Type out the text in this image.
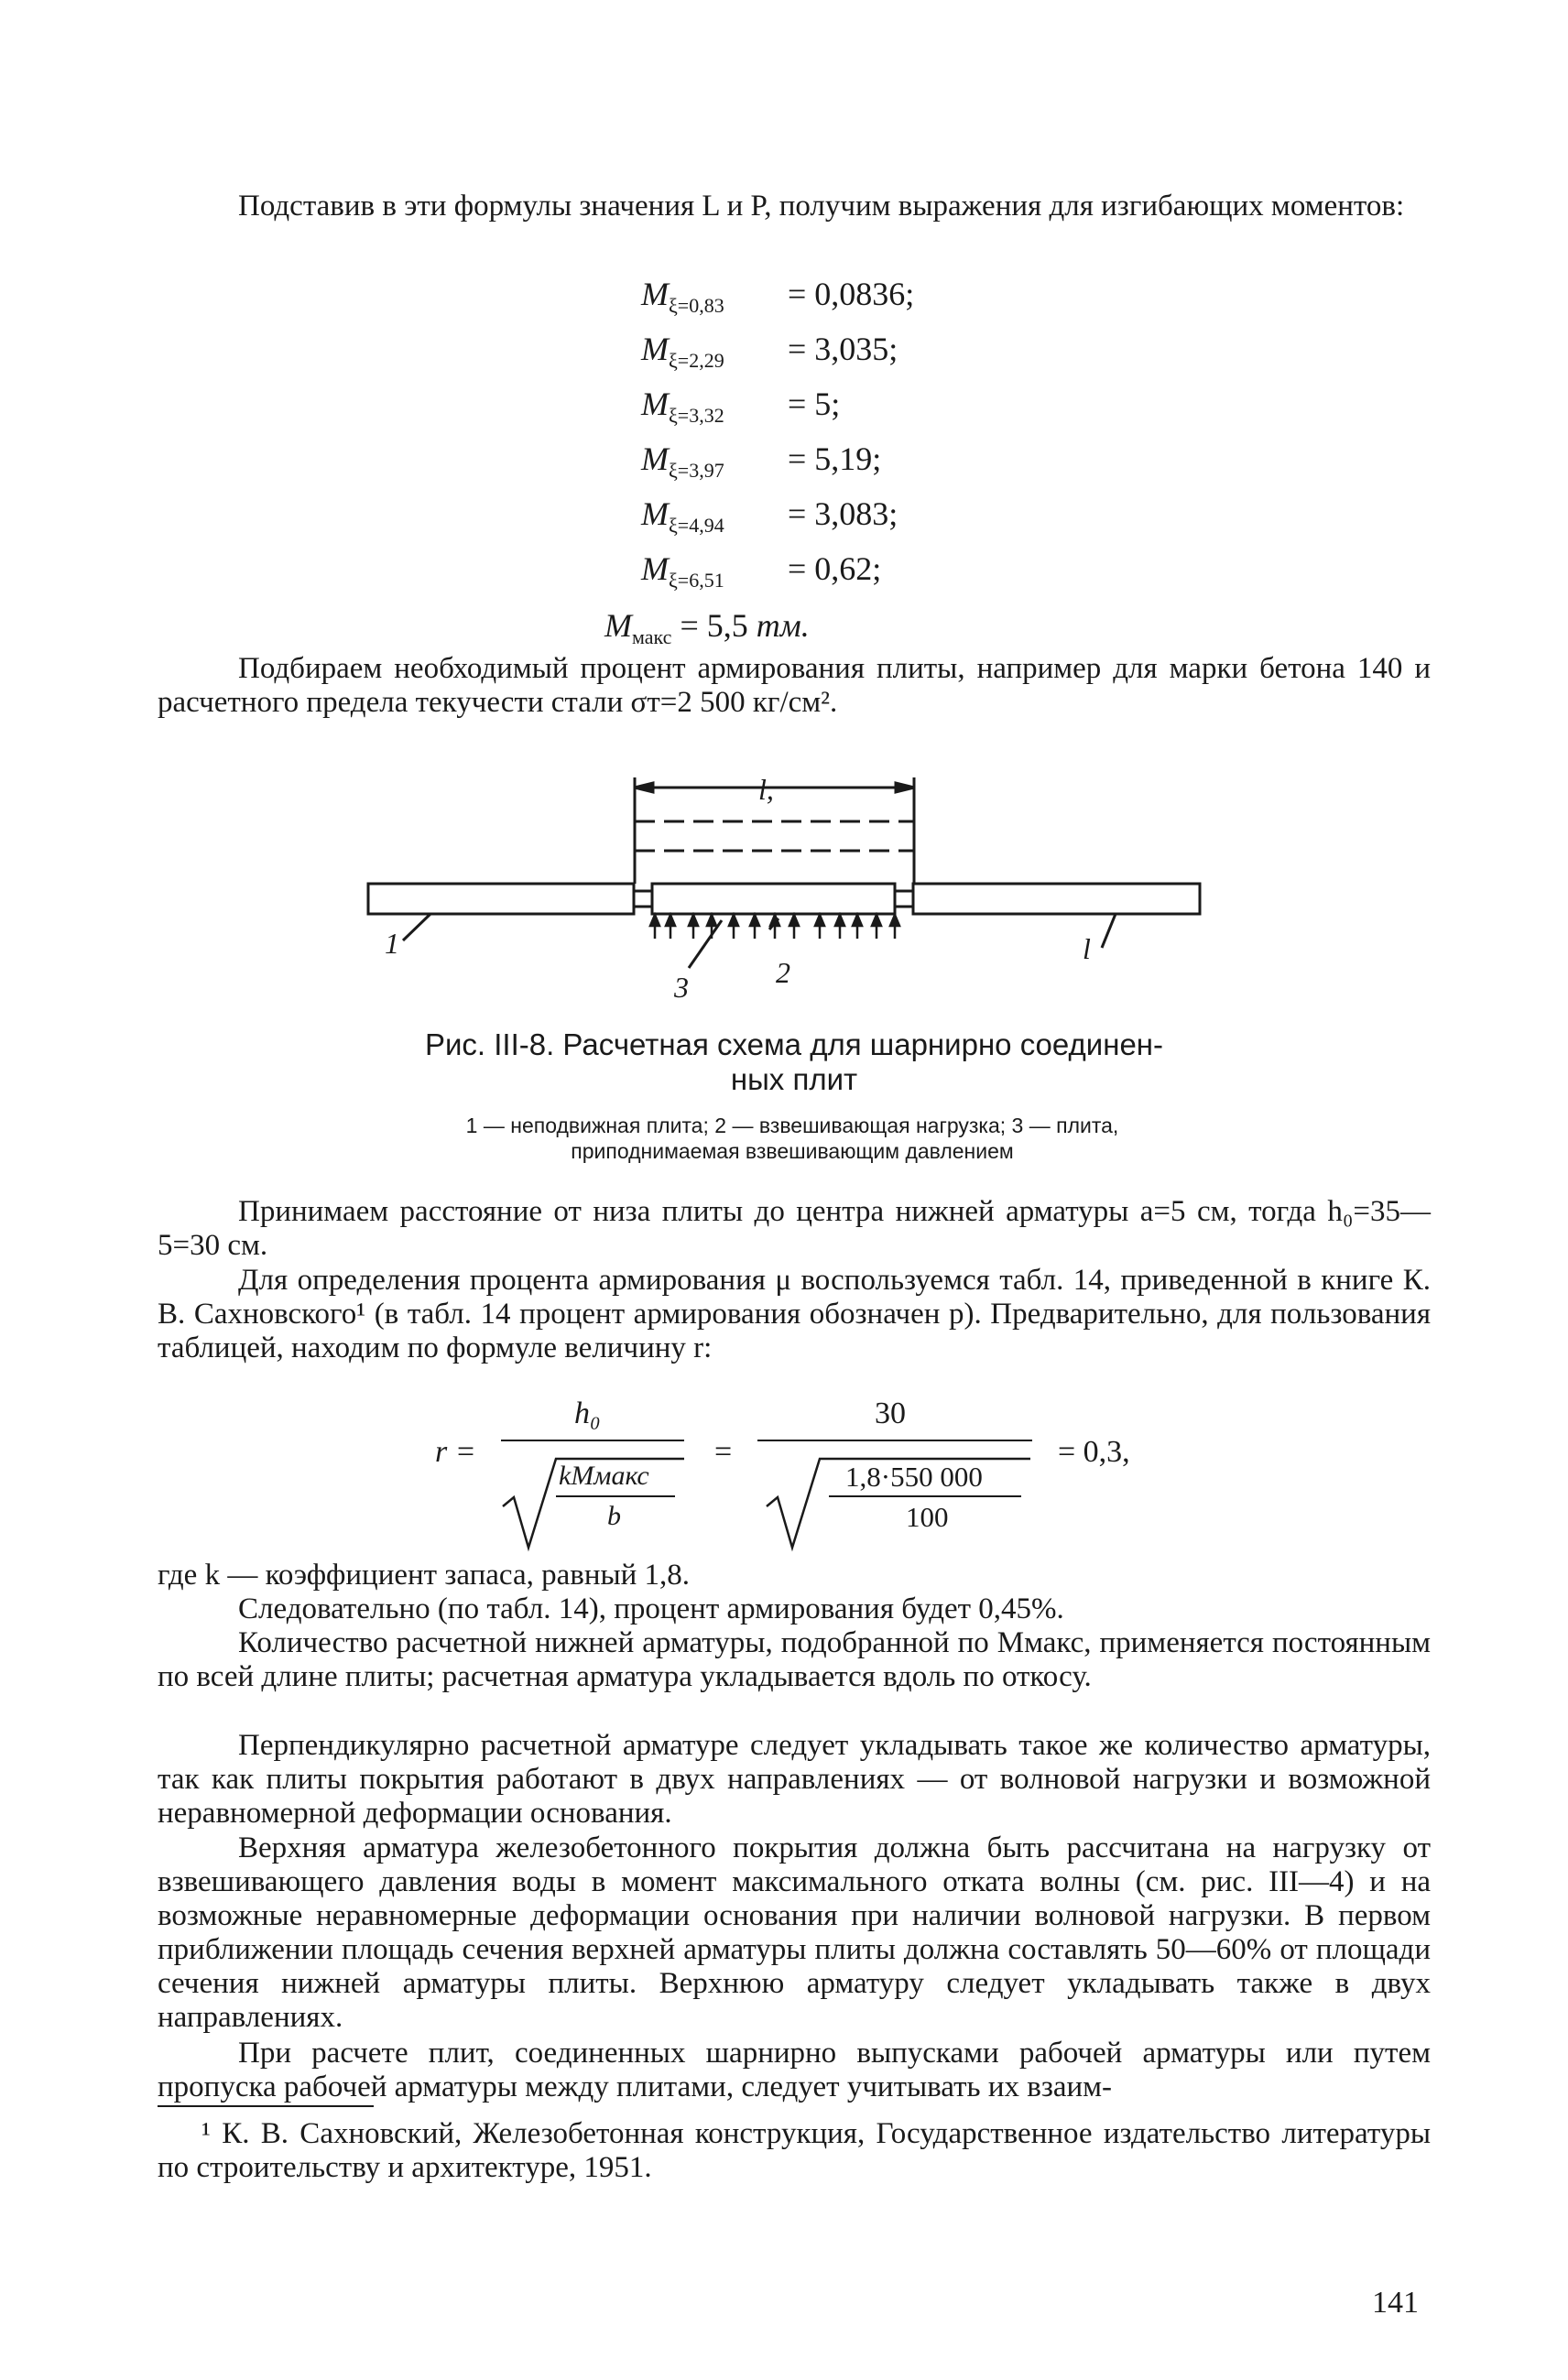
Подставив в эти формулы значения L и P, получим выражения для изгибающих моментов:

$M_{\xi=0,83} = 0,0836$;
$M_{\xi=2,29} = 3,035$;
$M_{\xi=3,32} = 5$;
$M_{\xi=3,97} = 5,19$;
$M_{\xi=4,94} = 3,083$;
$M_{\xi=6,51} = 0,62$;
$M_{макс} = 5,5$ тм.

Подбираем необходимый процент армирования плиты, например для марки бетона 140 и расчетного предела текучести стали σт=2 500 кг/см².

l,
1	l
2
3
Рис. III-8. Расчетная схема для шарнирно соединен-
ных плит
1 — неподвижная плита; 2 — взвешивающая нагрузка; 3 — плита,
приподнимаемая взвешивающим давлением

Принимаем расстояние от низа плиты до центра нижней арматуры a=5 см, тогда h₀=35—5=30 см.

Для определения процента армирования μ воспользуемся табл. 14, приведенной в книге К. В. Сахновского¹ (в табл. 14 процент армирования обозначен p). Предварительно, для пользования таблицей, находим по формуле величину r:

r =
h₀
kMмакс
b
=
30
1,8·550 000
100
= 0,3,

где k — коэффициент запаса, равный 1,8.

Следовательно (по табл. 14), процент армирования будет 0,45%.

Количество расчетной нижней арматуры, подобранной по Mмакс, применяется постоянным по всей длине плиты; расчетная арматура укладывается вдоль по откосу.

Перпендикулярно расчетной арматуре следует укладывать такое же количество арматуры, так как плиты покрытия работают в двух направлениях — от волновой нагрузки и возможной неравномерной деформации основания.

Верхняя арматура железобетонного покрытия должна быть рассчитана на нагрузку от взвешивающего давления воды в момент максимального отката волны (см. рис. III—4) и на возможные неравномерные деформации основания при наличии волновой нагрузки. В первом приближении площадь сечения верхней арматуры плиты должна составлять 50—60% от площади сечения нижней арматуры плиты. Верхнюю арматуру следует укладывать также в двух направлениях.

При расчете плит, соединенных шарнирно выпусками рабочей арматуры или путем пропуска рабочей арматуры между плитами, следует учитывать их взаим-

¹ К. В. Сахновский, Железобетонная конструкция, Государственное издательство литературы по строительству и архитектуре, 1951.

141
